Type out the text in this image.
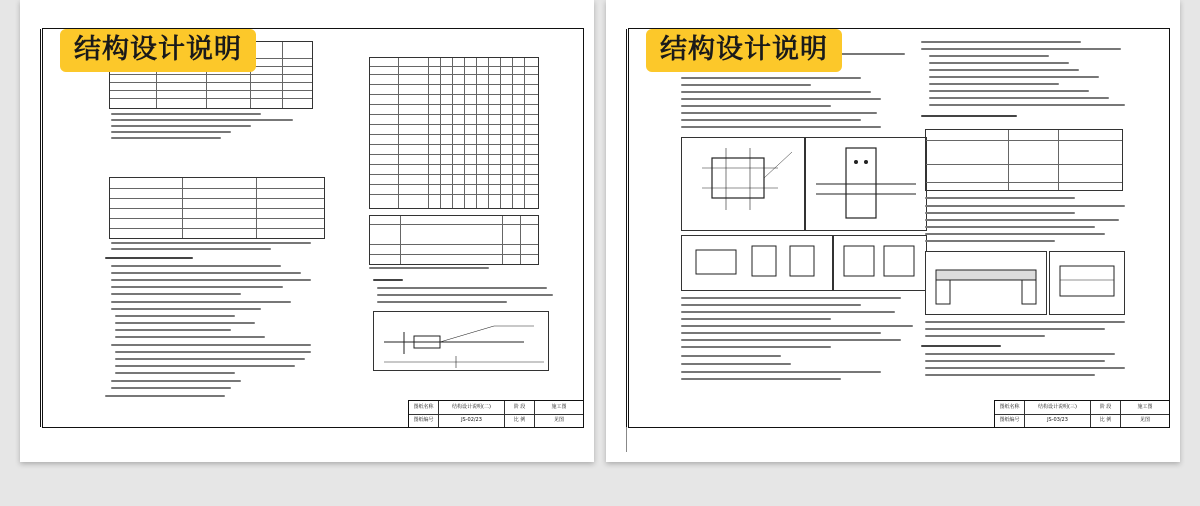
图纸名称	结构设计说明(二)	阶 段	施工图
图纸编号	JS-02/23	比 例	见图
结构设计说明
图纸名称	结构设计说明(三)	阶 段	施工图
图纸编号	JS-03/23	比 例	见图
结构设计说明
